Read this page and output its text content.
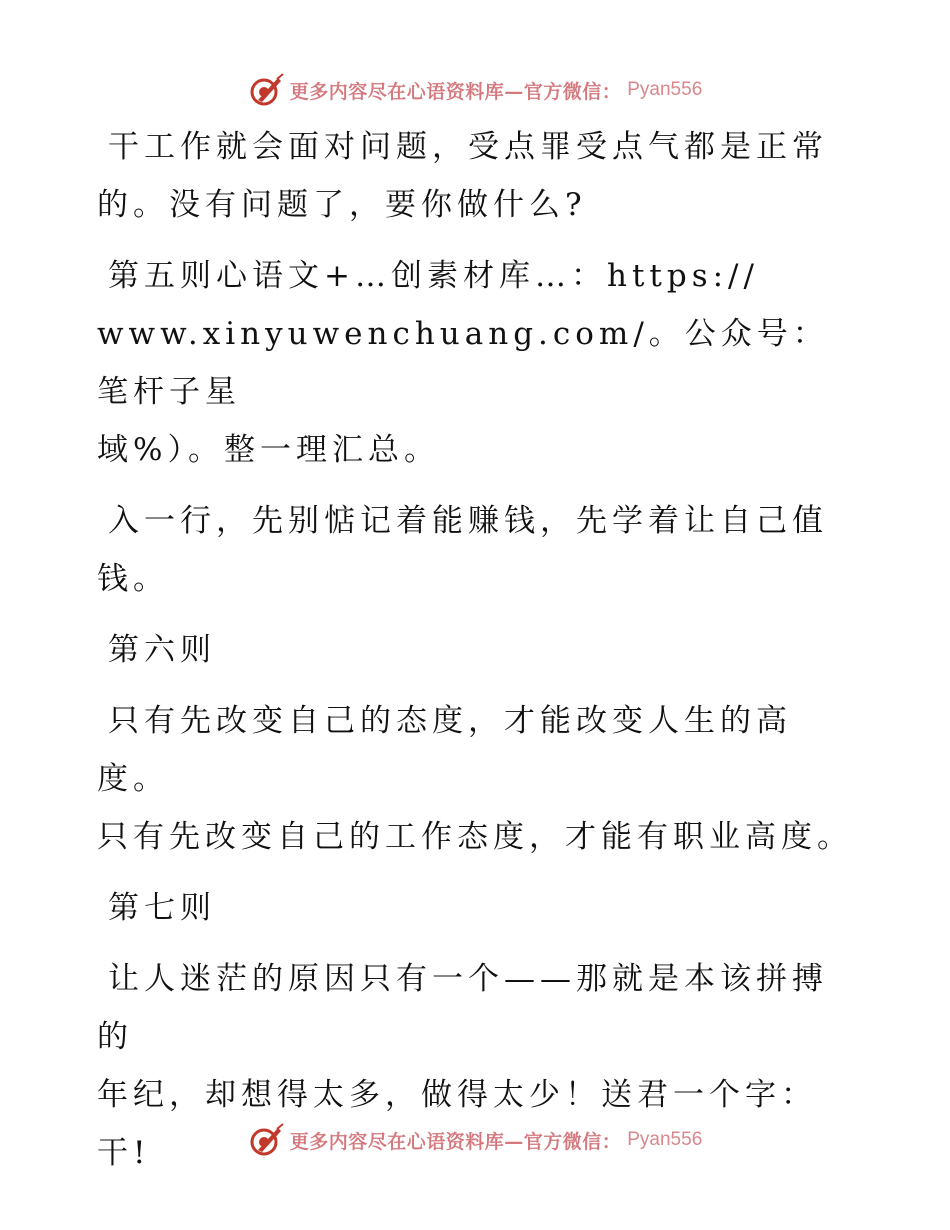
更多内容尽在心语资料库—官方微信： Pyan556

干工作就会面对问题，受点罪受点气都是正常
的。没有问题了，要你做什么?

第五则心语文+…创素材库…：https://
www.xinyuwenchuang.com/。公众号：笔杆子星
域%）。整一理汇总。

入一行，先别惦记着能赚钱，先学着让自己值
钱。

第六则

只有先改变自己的态度，才能改变人生的高度。
只有先改变自己的工作态度，才能有职业高度。

第七则

让人迷茫的原因只有一个——那就是本该拼搏的
年纪，却想得太多，做得太少！送君一个字：干!	更多内容尽在心语资料库—官方微信： Pyan556
